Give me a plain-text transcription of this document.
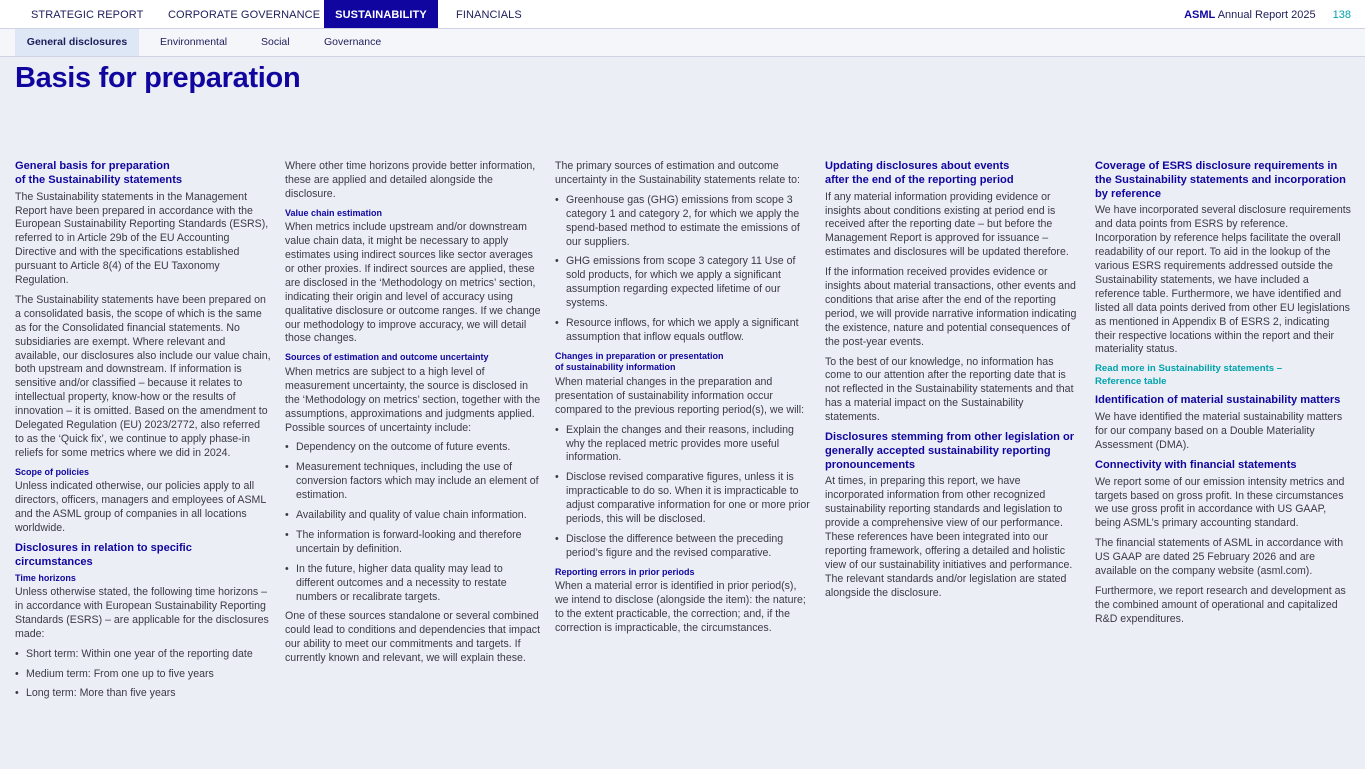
STRATEGIC REPORT CORPORATE GOVERNANCE	SUSTAINABILITY	FINANCIALS	ASML Annual Report 2025 138
General disclosures	Environmental	Social	Governance
Basis for preparation
General basis for preparation
of the Sustainability statements

The Sustainability statements in the Management Report have been prepared in accordance with the European Sustainability Reporting Standards (ESRS), referred to in Article 29b of the EU Accounting Directive and with the specifications established pursuant to Article 8(4) of the EU Taxonomy Regulation.

The Sustainability statements have been prepared on a consolidated basis, the scope of which is the same as for the Consolidated financial statements. No subsidiaries are exempt. Where relevant and available, our disclosures also include our value chain, both upstream and downstream. If information is sensitive and/or classified – because it relates to intellectual property, know-how or the results of innovation – it is omitted. Based on the amendment to Delegated Regulation (EU) 2023/2772, also referred to as the ‘Quick fix’, we continue to apply phase-in reliefs for some metrics where we did in 2024.

Scope of policies

Unless indicated otherwise, our policies apply to all directors, officers, managers and employees of ASML and the ASML group of companies in all locations worldwide.

Disclosures in relation to specific circumstances
Time horizons

Unless otherwise stated, the following time horizons – in accordance with European Sustainability Reporting Standards (ESRS) – are applicable for the disclosures made:

• Short term: Within one year of the reporting date
• Medium term: From one up to five years
• Long term: More than five years

Where other time horizons provide better information, these are applied and detailed alongside the disclosure.

Value chain estimation

When metrics include upstream and/or downstream value chain data, it might be necessary to apply estimates using indirect sources like sector averages or other proxies. If indirect sources are applied, these are disclosed in the ‘Methodology on metrics’ section, indicating their origin and level of accuracy using qualitative disclosure or outcome ranges. If we change our methodology to improve accuracy, we will detail those changes.

Sources of estimation and outcome uncertainty

When metrics are subject to a high level of measurement uncertainty, the source is disclosed in the ‘Methodology on metrics’ section, together with the assumptions, approximations and judgments applied. Possible sources of uncertainty include:

• Dependency on the outcome of future events.
• Measurement techniques, including the use of conversion factors which may include an element of estimation.
• Availability and quality of value chain information.
• The information is forward-looking and therefore uncertain by definition.
• In the future, higher data quality may lead to different outcomes and a necessity to restate numbers or recalibrate targets.

One of these sources standalone or several combined could lead to conditions and dependencies that impact our ability to meet our commitments and targets. If currently known and relevant, we will explain these.

The primary sources of estimation and outcome uncertainty in the Sustainability statements relate to:

• Greenhouse gas (GHG) emissions from scope 3 category 1 and category 2, for which we apply the spend-based method to estimate the emissions of our suppliers.
• GHG emissions from scope 3 category 11 Use of sold products, for which we apply a significant assumption regarding expected lifetime of our systems.
• Resource inflows, for which we apply a significant assumption that inflow equals outflow.
Changes in preparation or presentation
of sustainability information

When material changes in the preparation and presentation of sustainability information occur compared to the previous reporting period(s), we will:

• Explain the changes and their reasons, including why the replaced metric provides more useful information.
• Disclose revised comparative figures, unless it is impracticable to do so. When it is impracticable to adjust comparative information for one or more prior periods, this will be disclosed.
• Disclose the difference between the preceding period’s figure and the revised comparative.
Reporting errors in prior periods

When a material error is identified in prior period(s), we intend to disclose (alongside the item): the nature; to the extent practicable, the correction; and, if the correction is impracticable, the circumstances.

Updating disclosures about events
after the end of the reporting period

If any material information providing evidence or insights about conditions existing at period end is received after the reporting date – but before the Management Report is approved for issuance – estimates and disclosures will be updated therefore.

If the information received provides evidence or insights about material transactions, other events and conditions that arise after the end of the reporting period, we will provide narrative information indicating the existence, nature and potential consequences of the post-year events.

To the best of our knowledge, no information has come to our attention after the reporting date that is not reflected in the Sustainability statements and that has a material impact on the Sustainability statements.

Disclosures stemming from other legislation or generally accepted sustainability reporting pronouncements

At times, in preparing this report, we have incorporated information from other recognized sustainability reporting standards and legislation to provide a comprehensive view of our performance. These references have been integrated into our reporting framework, offering a detailed and holistic view of our sustainability initiatives and performance. The relevant standards and/or legislation are stated alongside the disclosure.

Coverage of ESRS disclosure requirements in the Sustainability statements and incorporation by reference

We have incorporated several disclosure requirements and data points from ESRS by reference. Incorporation by reference helps facilitate the overall readability of our report. To aid in the lookup of the various ESRS requirements addressed outside the Sustainability statements, we have included a reference table. Furthermore, we have identified and listed all data points derived from other EU legislations as mentioned in Appendix B of ESRS 2, indicating their respective locations within the report and their materiality status.

Read more in Sustainability statements –
Reference table
Identification of material sustainability matters

We have identified the material sustainability matters for our company based on a Double Materiality Assessment (DMA).

Connectivity with financial statements

We report some of our emission intensity metrics and targets based on gross profit. In these circumstances we use gross profit in accordance with US GAAP, being ASML’s primary accounting standard.

The financial statements of ASML in accordance with US GAAP are dated 25 February 2026 and are available on the company website (asml.com).

Furthermore, we report research and development as the combined amount of operational and capitalized R&D expenditures.
